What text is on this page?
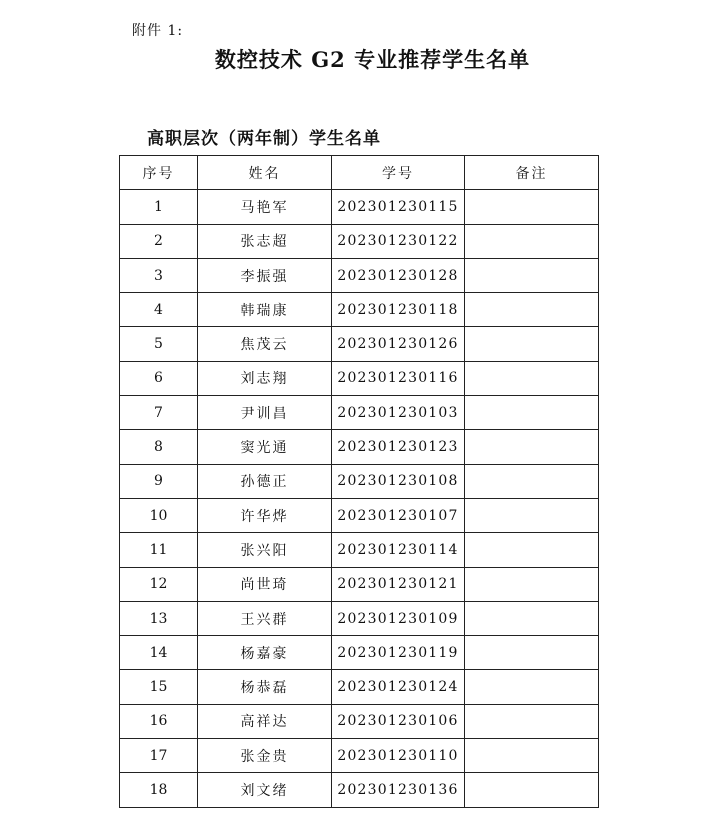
附件 1:
数控技术 G2 专业推荐学生名单
高职层次（两年制）学生名单
序号	姓名	学号	备注
1	马艳军	202301230115	
2	张志超	202301230122	
3	李振强	202301230128	
4	韩瑞康	202301230118	
5	焦茂云	202301230126	
6	刘志翔	202301230116	
7	尹训昌	202301230103	
8	窦光通	202301230123	
9	孙德正	202301230108	
10	许华烨	202301230107	
11	张兴阳	202301230114	
12	尚世琦	202301230121	
13	王兴群	202301230109	
14	杨嘉豪	202301230119	
15	杨恭磊	202301230124	
16	高祥达	202301230106	
17	张金贵	202301230110	
18	刘文绪	202301230136	
